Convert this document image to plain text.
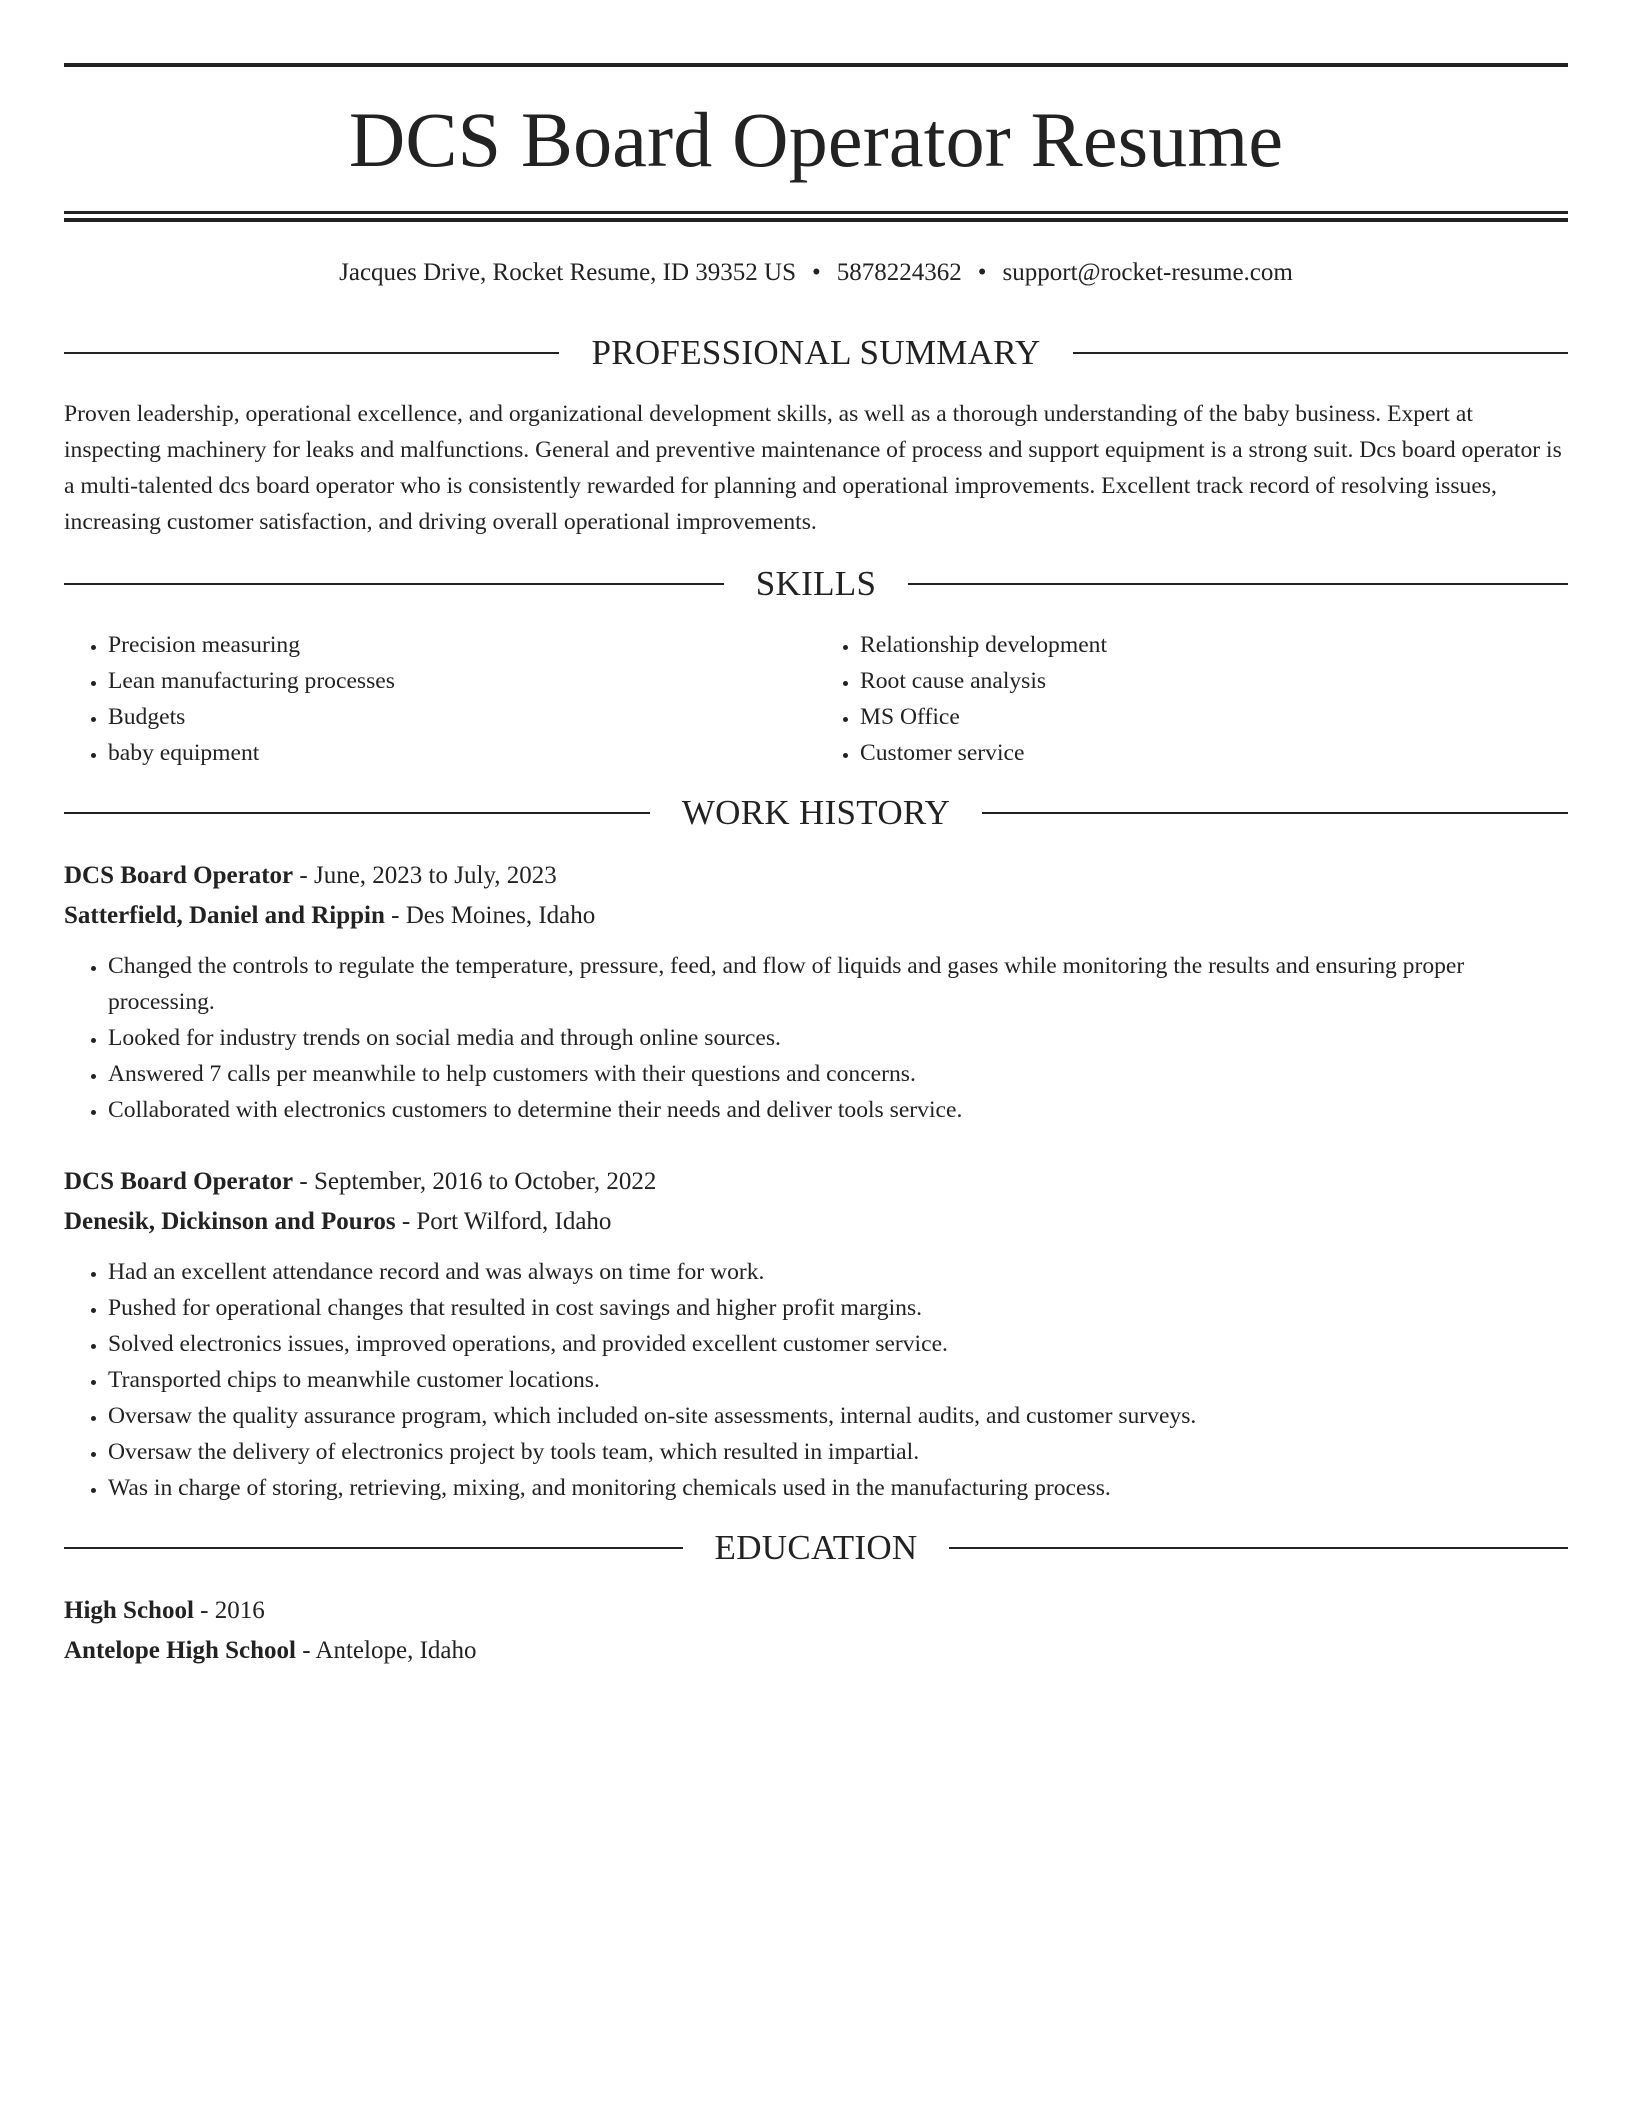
DCS Board Operator Resume
Jacques Drive, Rocket Resume, ID 39352 US • 5878224362 • support@rocket-resume.com
PROFESSIONAL SUMMARY

Proven leadership, operational excellence, and organizational development skills, as well as a thorough understanding of the baby business. Expert at inspecting machinery for leaks and malfunctions. General and preventive maintenance of process and support equipment is a strong suit. Dcs board operator is a multi-talented dcs board operator who is consistently rewarded for planning and operational improvements. Excellent track record of resolving issues, increasing customer satisfaction, and driving overall operational improvements.

SKILLS
• Precision measuring
• Lean manufacturing processes
• Budgets
• baby equipment
• Relationship development
• Root cause analysis
• MS Office
• Customer service
WORK HISTORY
DCS Board Operator - June, 2023 to July, 2023
Satterfield, Daniel and Rippin - Des Moines, Idaho
• Changed the controls to regulate the temperature, pressure, feed, and flow of liquids and gases while monitoring the results and ensuring proper processing.
• Looked for industry trends on social media and through online sources.
• Answered 7 calls per meanwhile to help customers with their questions and concerns.
• Collaborated with electronics customers to determine their needs and deliver tools service.
DCS Board Operator - September, 2016 to October, 2022
Denesik, Dickinson and Pouros - Port Wilford, Idaho
• Had an excellent attendance record and was always on time for work.
• Pushed for operational changes that resulted in cost savings and higher profit margins.
• Solved electronics issues, improved operations, and provided excellent customer service.
• Transported chips to meanwhile customer locations.
• Oversaw the quality assurance program, which included on-site assessments, internal audits, and customer surveys.
• Oversaw the delivery of electronics project by tools team, which resulted in impartial.
• Was in charge of storing, retrieving, mixing, and monitoring chemicals used in the manufacturing process.
EDUCATION
High School - 2016
Antelope High School - Antelope, Idaho
